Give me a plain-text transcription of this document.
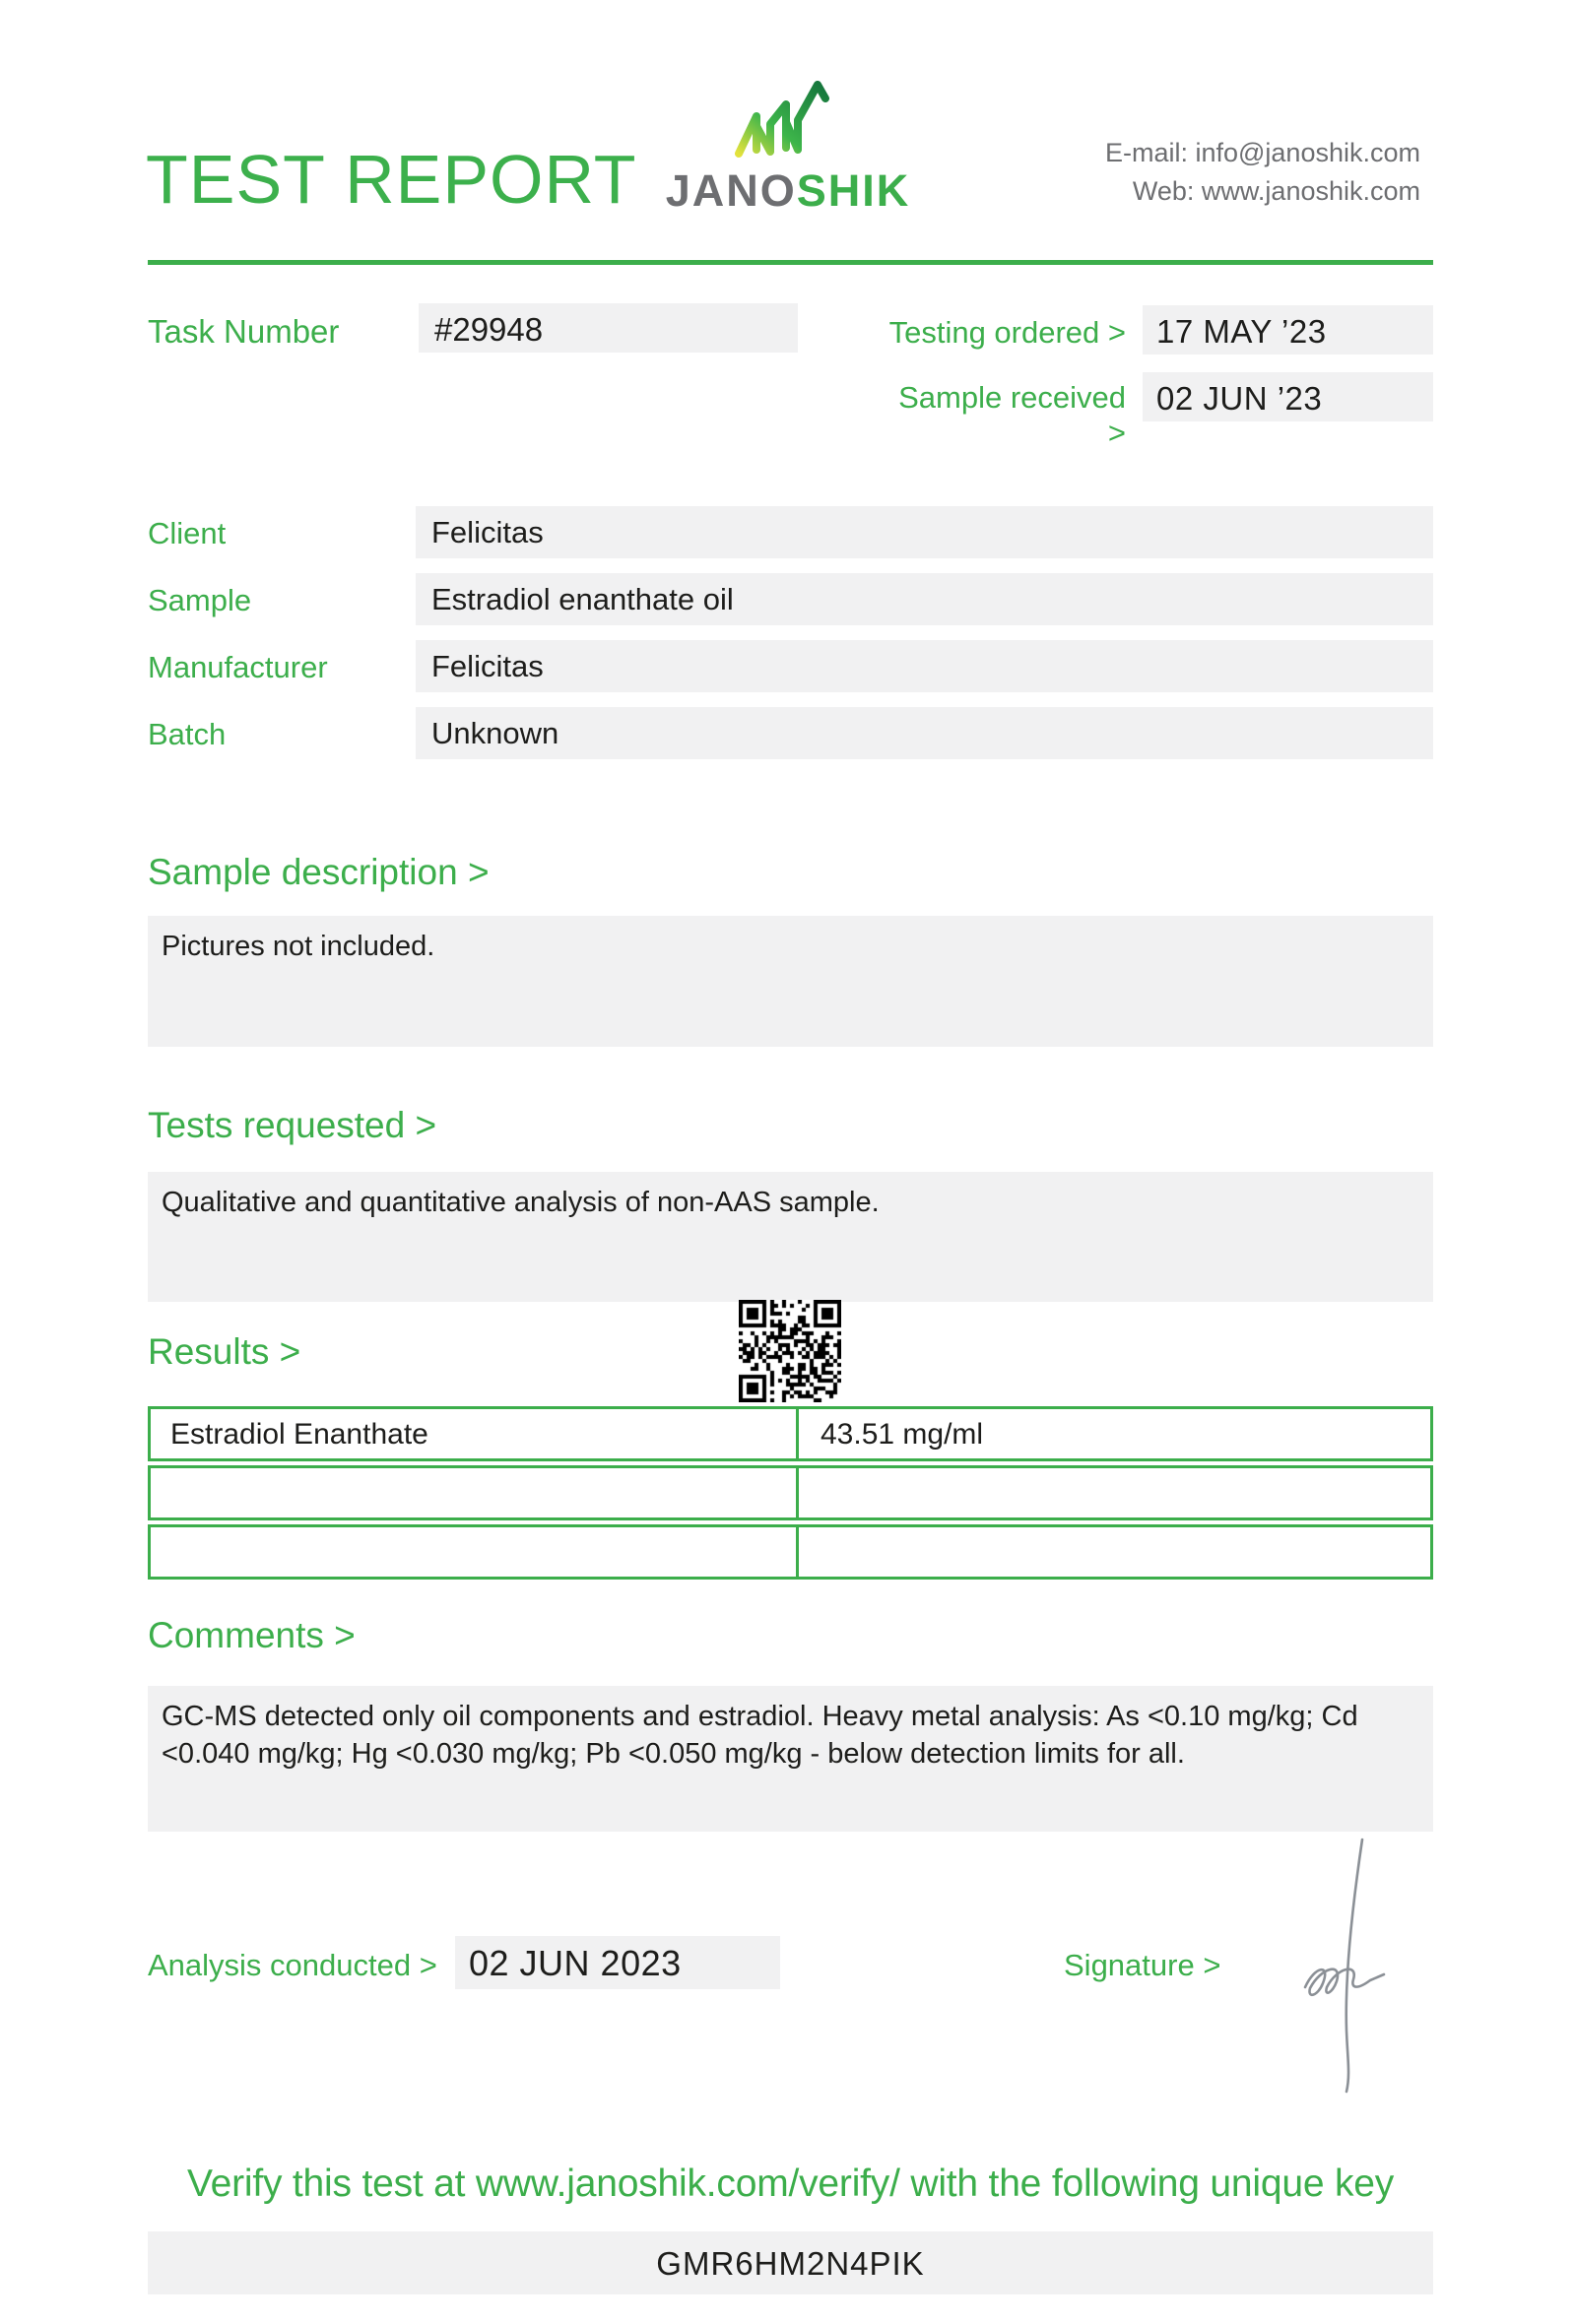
TEST REPORT JANOSHIK
E-mail: info@janoshik.com
Web: www.janoshik.com
Task Number	#29948	Testing ordered > 17 MAY ’23
Sample received >
02 JUN ’23
Client	Felicitas
Sample	Estradiol enanthate oil
Manufacturer	Felicitas
Batch	Unknown
Sample description >
Pictures not included.
Tests requested >
Qualitative and quantitative analysis of non-AAS sample.
Results >
Estradiol Enanthate	43.51 mg/ml
Comments >
GC-MS detected only oil components and estradiol. Heavy metal analysis: As <0.10 mg/kg; Cd <0.040 mg/kg; Hg <0.030 mg/kg; Pb <0.050 mg/kg - below detection limits for all.
Analysis conducted > 02 JUN 2023	Signature >
Verify this test at www.janoshik.com/verify/ with the following unique key
GMR6HM2N4PIK
